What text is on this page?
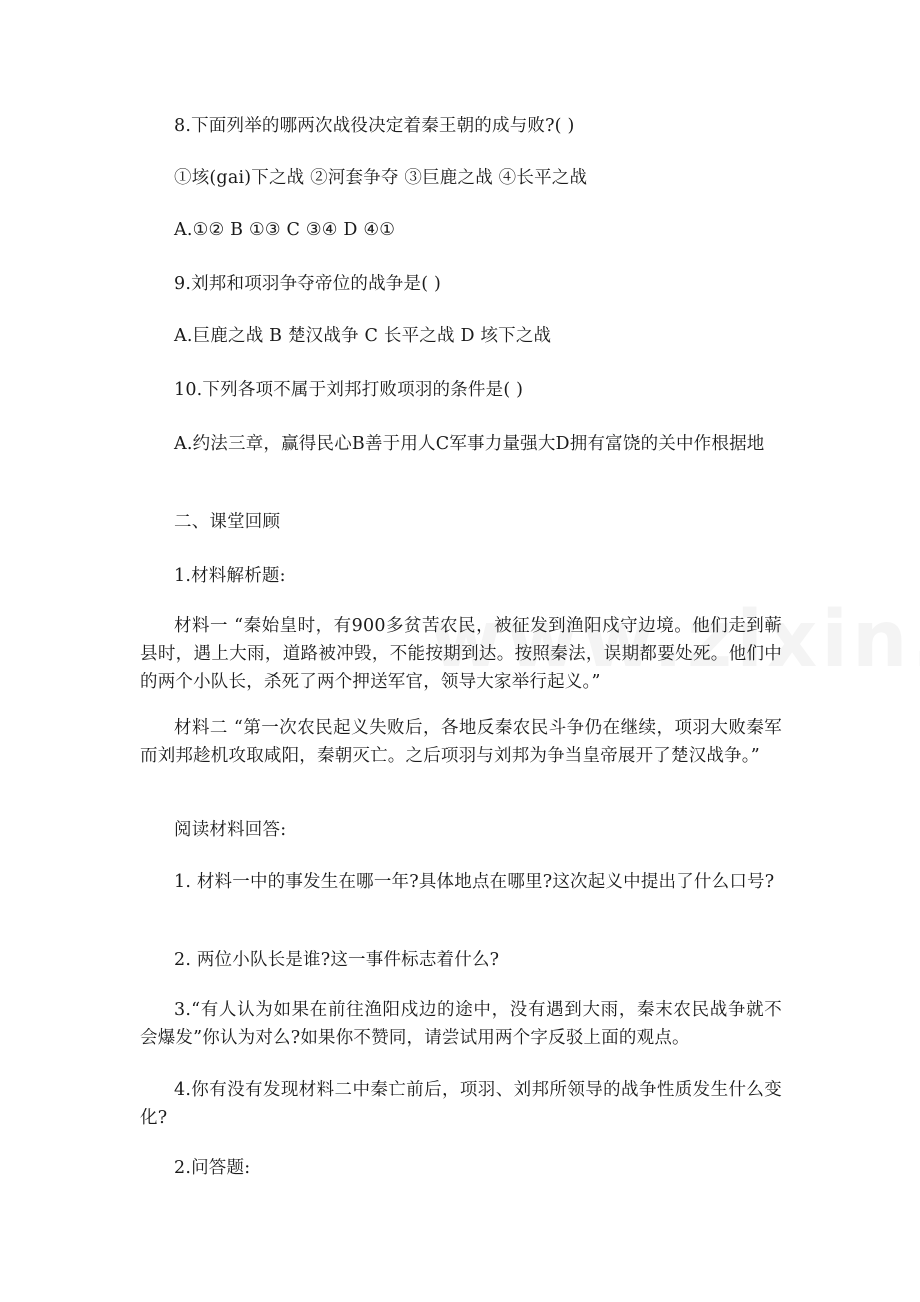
8.下面列举的哪两次战役决定着秦王朝的成与败?( )

①垓(gai)下之战 ②河套争夺 ③巨鹿之战 ④长平之战

A.①② B ①③ C ③④ D ④①

9.刘邦和项羽争夺帝位的战争是( )

A.巨鹿之战 B 楚汉战争 C 长平之战 D 垓下之战

10.下列各项不属于刘邦打败项羽的条件是( )

A.约法三章，赢得民心B善于用人C军事力量强大D拥有富饶的关中作根据地

二、课堂回顾

1.材料解析题:

材料一 “秦始皇时，有900多贫苦农民，被征发到渔阳戍守边境。他们走到蕲县时，遇上大雨，道路被冲毁，不能按期到达。按照秦法，误期都要处死。他们中的两个小队长，杀死了两个押送军官，领导大家举行起义。”

材料二 “第一次农民起义失败后，各地反秦农民斗争仍在继续，项羽大败秦军而刘邦趁机攻取咸阳，秦朝灭亡。之后项羽与刘邦为争当皇帝展开了楚汉战争。”

阅读材料回答:

1. 材料一中的事发生在哪一年?具体地点在哪里?这次起义中提出了什么口号?

2. 两位小队长是谁?这一事件标志着什么?

3.“有人认为如果在前往渔阳戍边的途中，没有遇到大雨，秦末农民战争就不会爆发”你认为对么?如果你不赞同，请尝试用两个字反驳上面的观点。

4.你有没有发现材料二中秦亡前后，项羽、刘邦所领导的战争性质发生什么变化?

2.问答题:
